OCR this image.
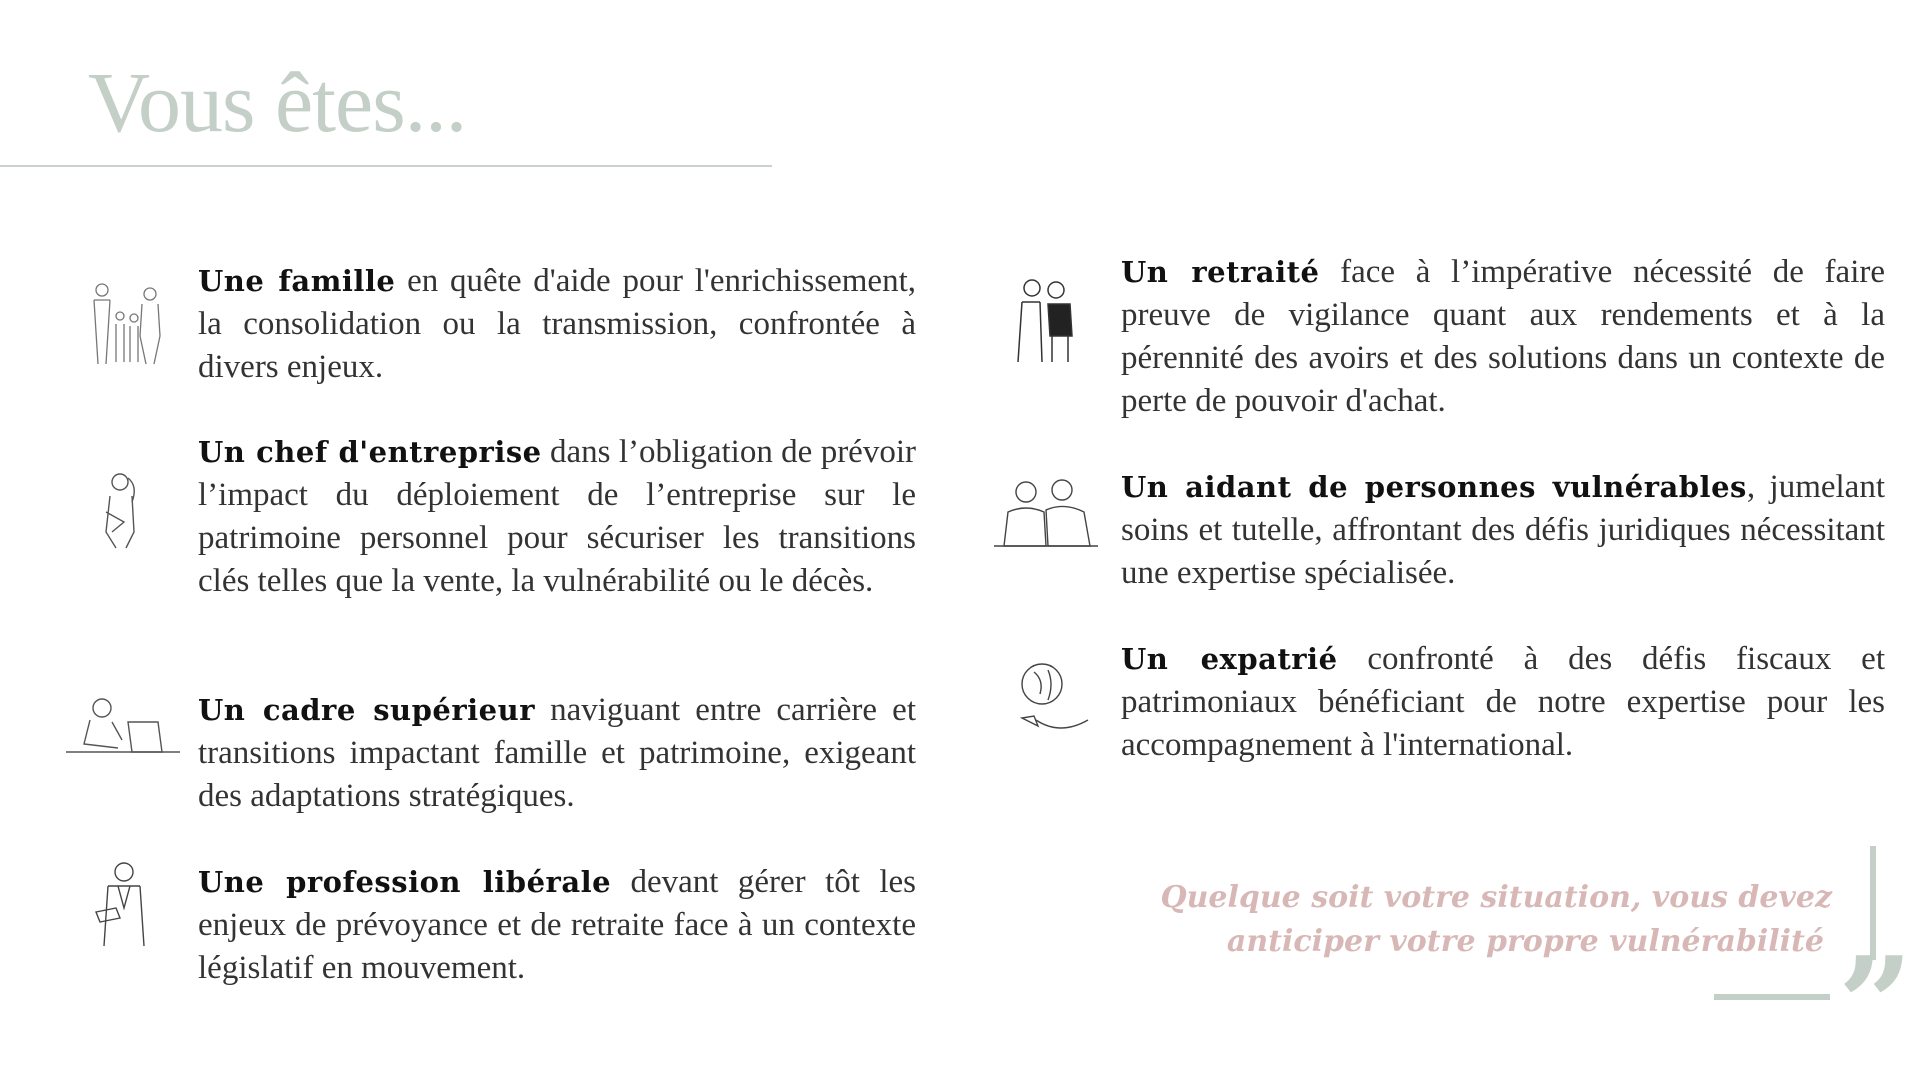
Vous êtes...
Une famille en quête d'aide pour l'enrichissement, la consolidation ou la transmission, confrontée à divers enjeux.
Un chef d'entreprise dans l’obligation de prévoir l’impact du déploiement de l’entreprise sur le patrimoine personnel pour sécuriser les transitions clés telles que la vente, la vulnérabilité ou le décès.
Un cadre supérieur naviguant entre carrière et transitions impactant famille et patrimoine, exigeant des adaptations stratégiques.
Une profession libérale devant gérer tôt les enjeux de prévoyance et de retraite face à un contexte législatif en mouvement.
Un retraité face à l’impérative nécessité de faire preuve de vigilance quant aux rendements et à la pérennité des avoirs et des solutions dans un contexte de perte de pouvoir d'achat.
Un aidant de personnes vulnérables, jumelant soins et tutelle, affrontant des défis juridiques nécessitant une expertise spécialisée.
Un expatrié confronté à des défis fiscaux et patrimoniaux bénéficiant de notre expertise pour les accompagnement à l'international.
Quelque soit votre situation, vous devez
anticiper votre propre vulnérabilité ”
